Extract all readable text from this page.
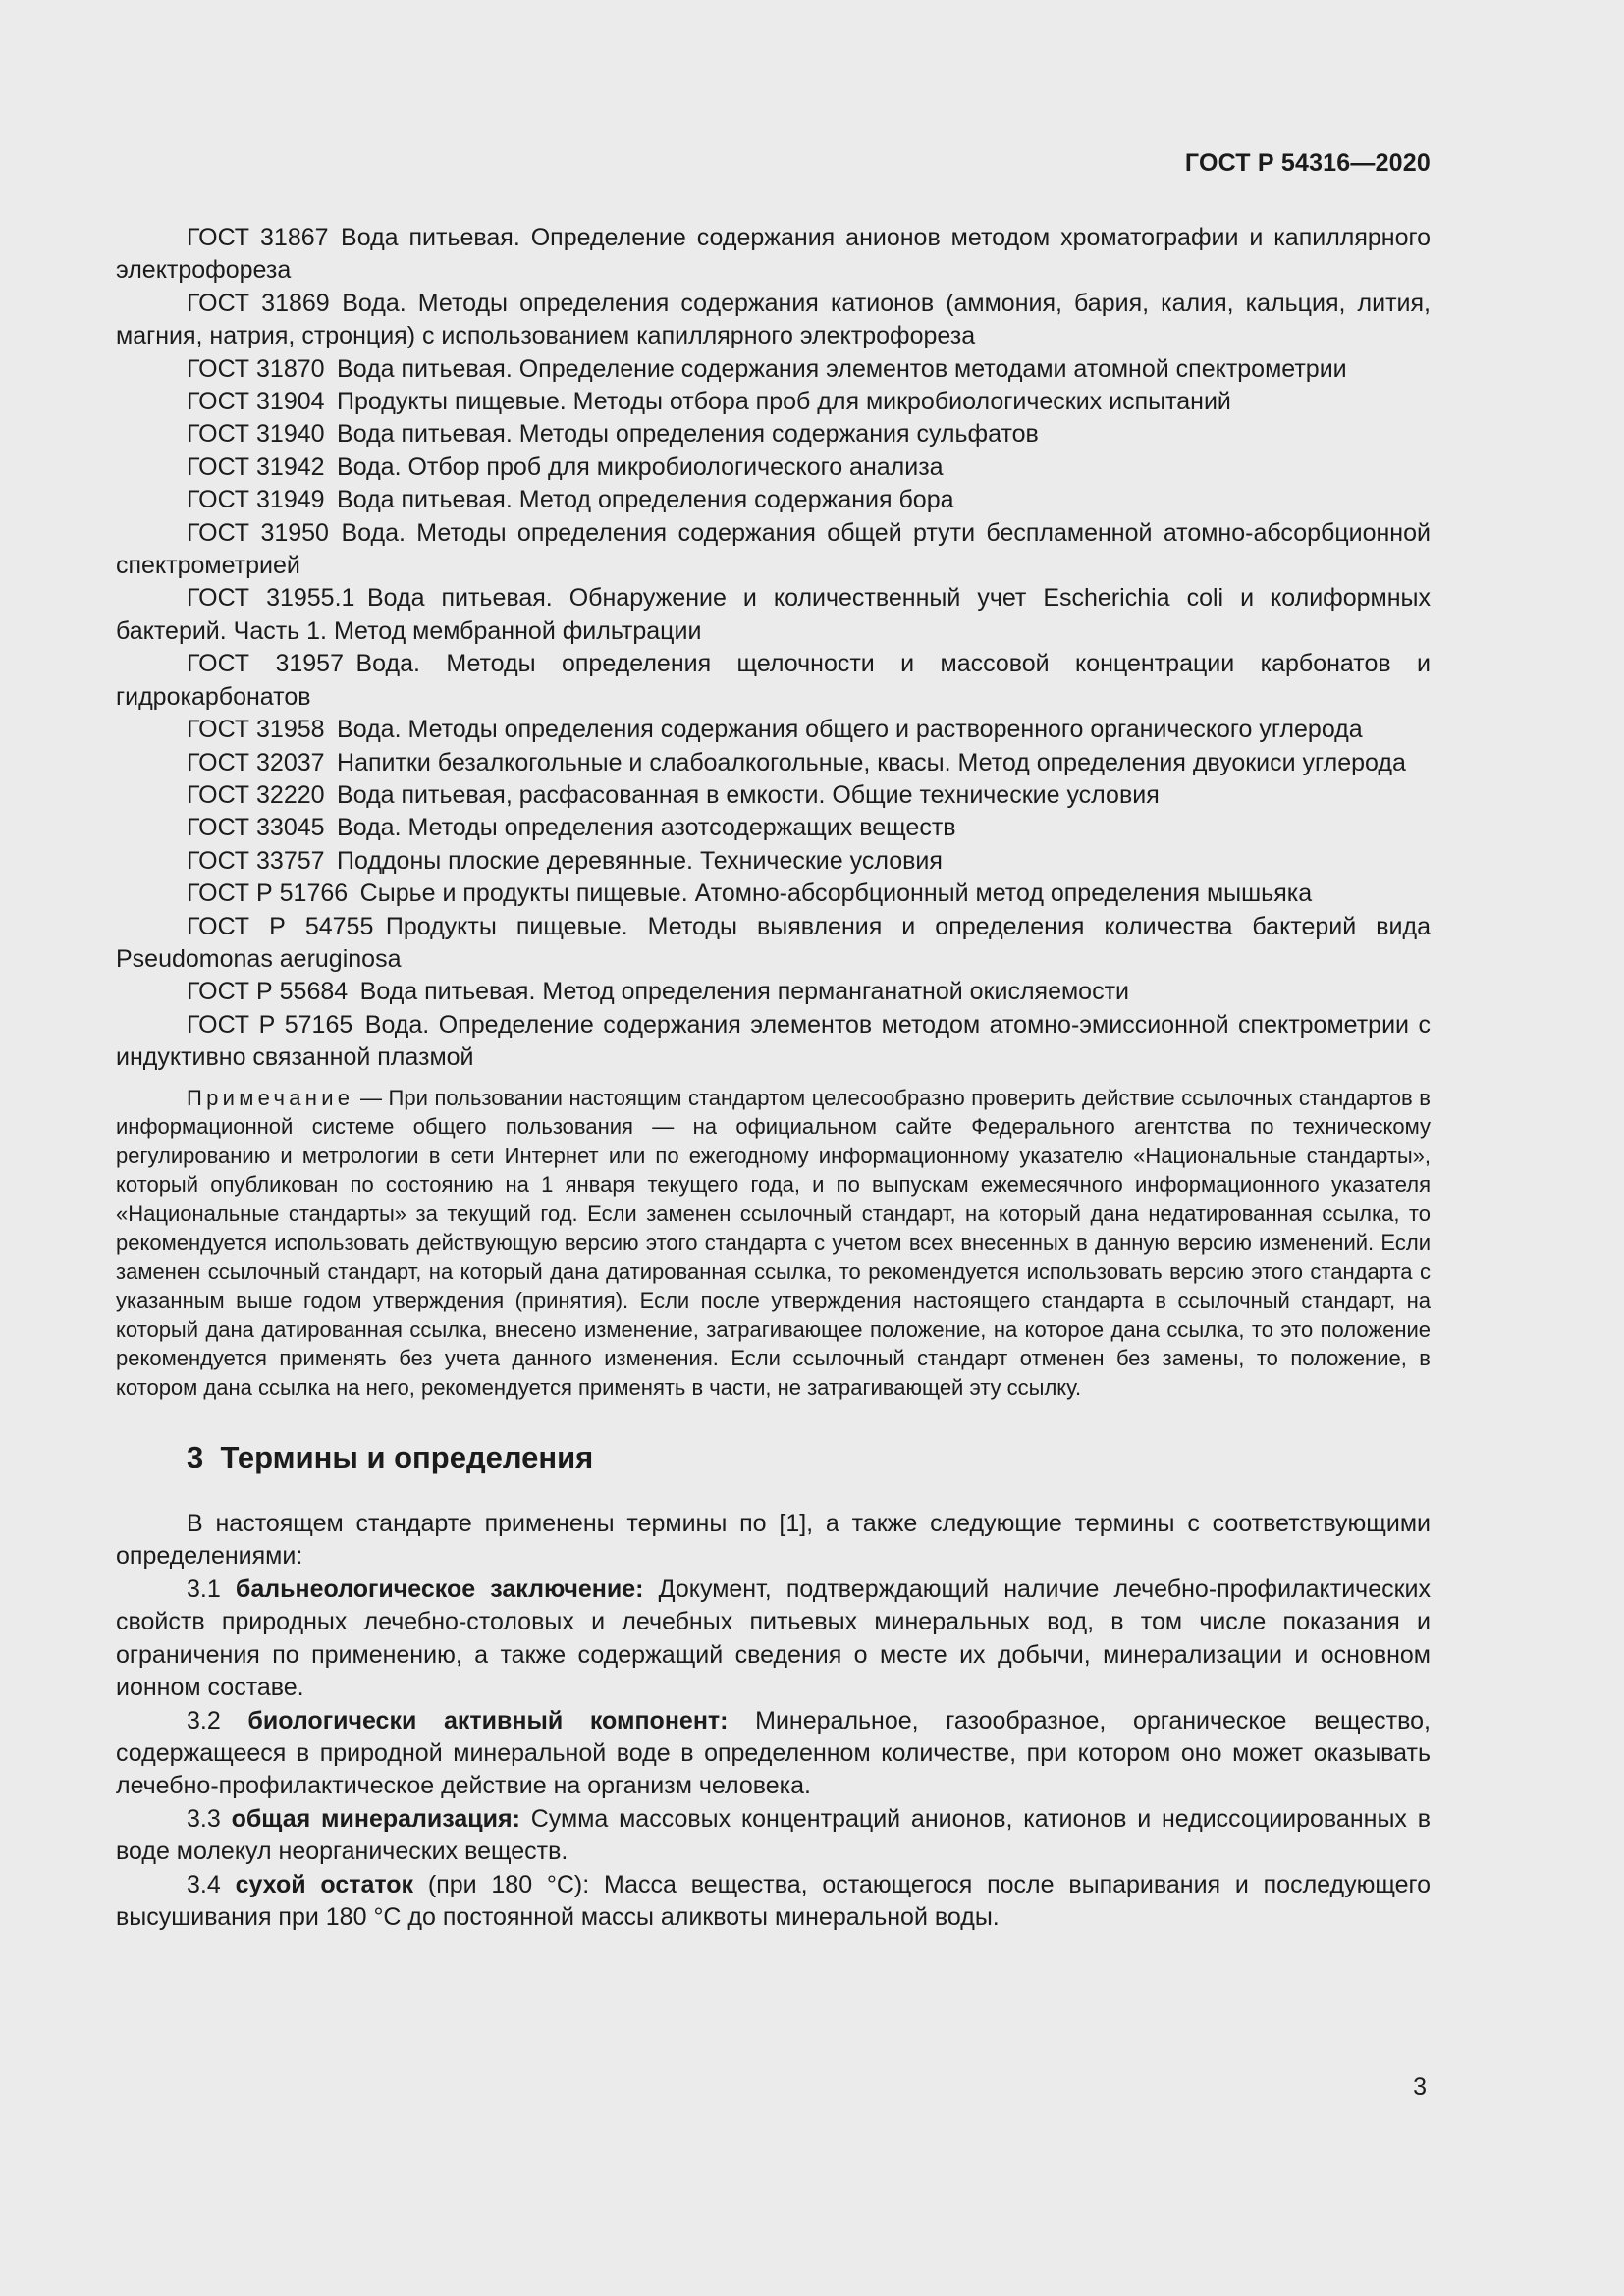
ГОСТ Р 54316—2020

ГОСТ 31867  Вода питьевая. Определение содержания анионов методом хроматографии и капиллярного электрофореза

ГОСТ 31869  Вода. Методы определения содержания катионов (аммония, бария, калия, кальция, лития, магния, натрия, стронция) с использованием капиллярного электрофореза

ГОСТ 31870  Вода питьевая. Определение содержания элементов методами атомной спектрометрии

ГОСТ 31904  Продукты пищевые. Методы отбора проб для микробиологических испытаний

ГОСТ 31940  Вода питьевая. Методы определения содержания сульфатов

ГОСТ 31942  Вода. Отбор проб для микробиологического анализа

ГОСТ 31949  Вода питьевая. Метод определения содержания бора

ГОСТ 31950  Вода. Методы определения содержания общей ртути беспламенной атомно-абсорбционной спектрометрией

ГОСТ 31955.1  Вода питьевая. Обнаружение и количественный учет Escherichia coli и колиформных бактерий. Часть 1. Метод мембранной фильтрации

ГОСТ 31957  Вода. Методы определения щелочности и массовой концентрации карбонатов и гидрокарбонатов

ГОСТ 31958  Вода. Методы определения содержания общего и растворенного органического углерода

ГОСТ 32037  Напитки безалкогольные и слабоалкогольные, квасы. Метод определения двуокиси углерода

ГОСТ 32220  Вода питьевая, расфасованная в емкости. Общие технические условия

ГОСТ 33045  Вода. Методы определения азотсодержащих веществ

ГОСТ 33757  Поддоны плоские деревянные. Технические условия

ГОСТ Р 51766  Сырье и продукты пищевые. Атомно-абсорбционный метод определения мышьяка

ГОСТ Р 54755  Продукты пищевые. Методы выявления и определения количества бактерий вида Pseudomonas aeruginosa

ГОСТ Р 55684  Вода питьевая. Метод определения перманганатной окисляемости

ГОСТ Р 57165  Вода. Определение содержания элементов методом атомно-эмиссионной спектрометрии с индуктивно связанной плазмой

Примечание — При пользовании настоящим стандартом целесообразно проверить действие ссылочных стандартов в информационной системе общего пользования — на официальном сайте Федерального агентства по техническому регулированию и метрологии в сети Интернет или по ежегодному информационному указателю «Национальные стандарты», который опубликован по состоянию на 1 января текущего года, и по выпускам ежемесячного информационного указателя «Национальные стандарты» за текущий год. Если заменен ссылочный стандарт, на который дана недатированная ссылка, то рекомендуется использовать действующую версию этого стандарта с учетом всех внесенных в данную версию изменений. Если заменен ссылочный стандарт, на который дана датированная ссылка, то рекомендуется использовать версию этого стандарта с указанным выше годом утверждения (принятия). Если после утверждения настоящего стандарта в ссылочный стандарт, на который дана датированная ссылка, внесено изменение, затрагивающее положение, на которое дана ссылка, то это положение рекомендуется применять без учета данного изменения. Если ссылочный стандарт отменен без замены, то положение, в котором дана ссылка на него, рекомендуется применять в части, не затрагивающей эту ссылку.

3 Термины и определения

В настоящем стандарте применены термины по [1], а также следующие термины с соответствующими определениями:

3.1 бальнеологическое заключение: Документ, подтверждающий наличие лечебно-профилактических свойств природных лечебно-столовых и лечебных питьевых минеральных вод, в том числе показания и ограничения по применению, а также содержащий сведения о месте их добычи, минерализации и основном ионном составе.

3.2 биологически активный компонент: Минеральное, газообразное, органическое вещество, содержащееся в природной минеральной воде в определенном количестве, при котором оно может оказывать лечебно-профилактическое действие на организм человека.

3.3 общая минерализация: Сумма массовых концентраций анионов, катионов и недиссоциированных в воде молекул неорганических веществ.

3.4 сухой остаток (при 180 °С): Масса вещества, остающегося после выпаривания и последующего высушивания при 180 °С до постоянной массы аликвоты минеральной воды.

3
